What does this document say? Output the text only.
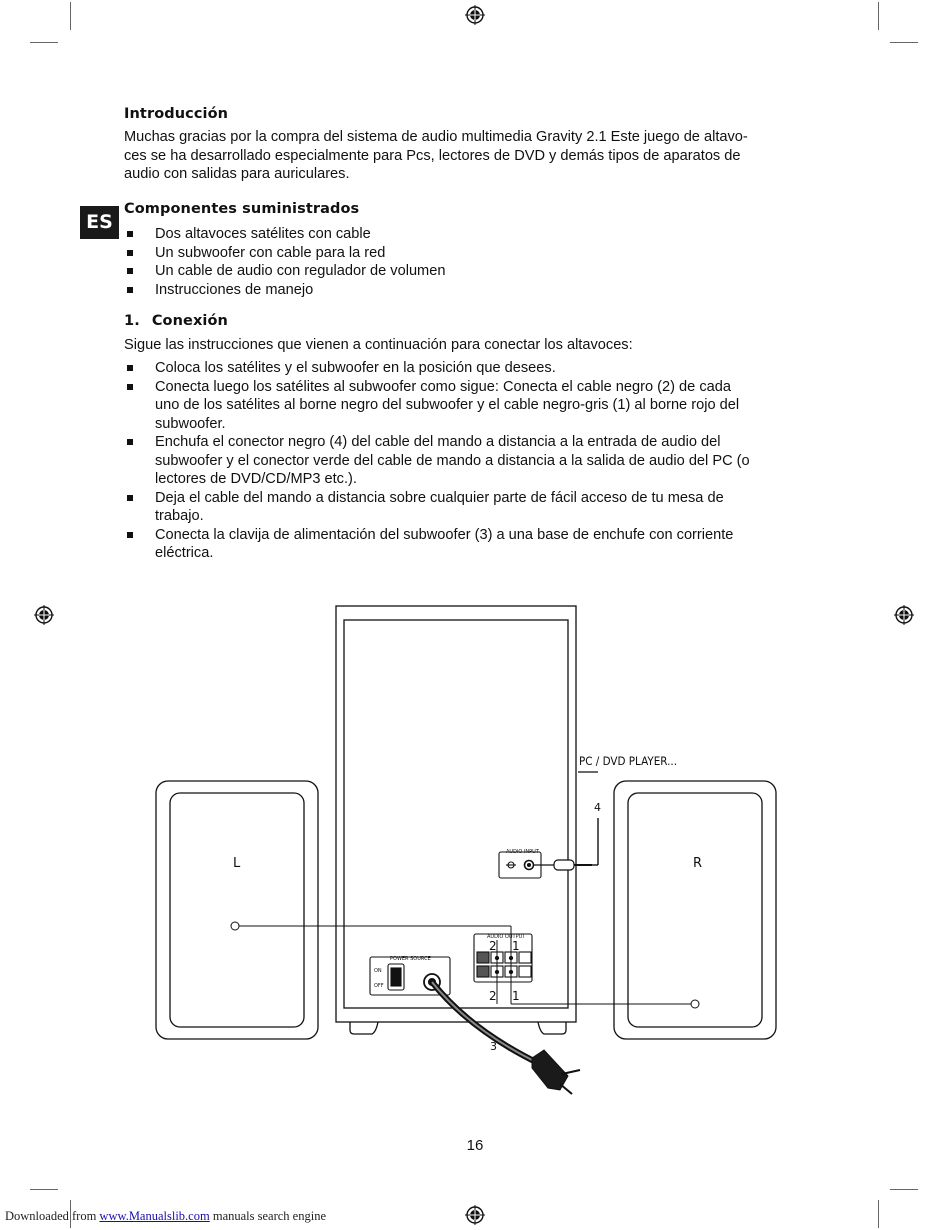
Introducción
Muchas gracias por la compra del sistema de audio multimedia Gravity 2.1 Este juego de altavo-
ces se ha desarrollado especialmente para Pcs, lectores de DVD y demás tipos de aparatos de
audio con salidas para auriculares.
ES
Componentes suministrados
Dos altavoces satélites con cable
Un subwoofer con cable para la red
Un cable de audio con regulador de volumen
Instrucciones de manejo
1. Conexión
Sigue las instrucciones que vienen a continuación para conectar los altavoces:
Coloca los satélites y el subwoofer en la posición que desees.
Conecta luego los satélites al subwoofer como sigue: Conecta el cable negro (2) de cada
uno de los satélites al borne negro del subwoofer y el cable negro-gris (1) al borne rojo del
subwoofer.
Enchufa el conector negro (4) del cable del mando a distancia a la entrada de audio del
subwoofer y el conector verde del cable de mando a distancia a la salida de audio del PC (o
lectores de DVD/CD/MP3 etc.).
Deja el cable del mando a distancia sobre cualquier parte de fácil acceso de tu mesa de
trabajo.
Conecta la clavija de alimentación del subwoofer (3) a una base de enchufe con corriente
eléctrica.
L	R
PC / DVD PLAYER...
4
AUDIO INPUT
AUDIO OUTPUT
2 1
2 1
POWER SOURCE
ON
OFF
3
16
Downloaded from www.Manualslib.com manuals search engine
